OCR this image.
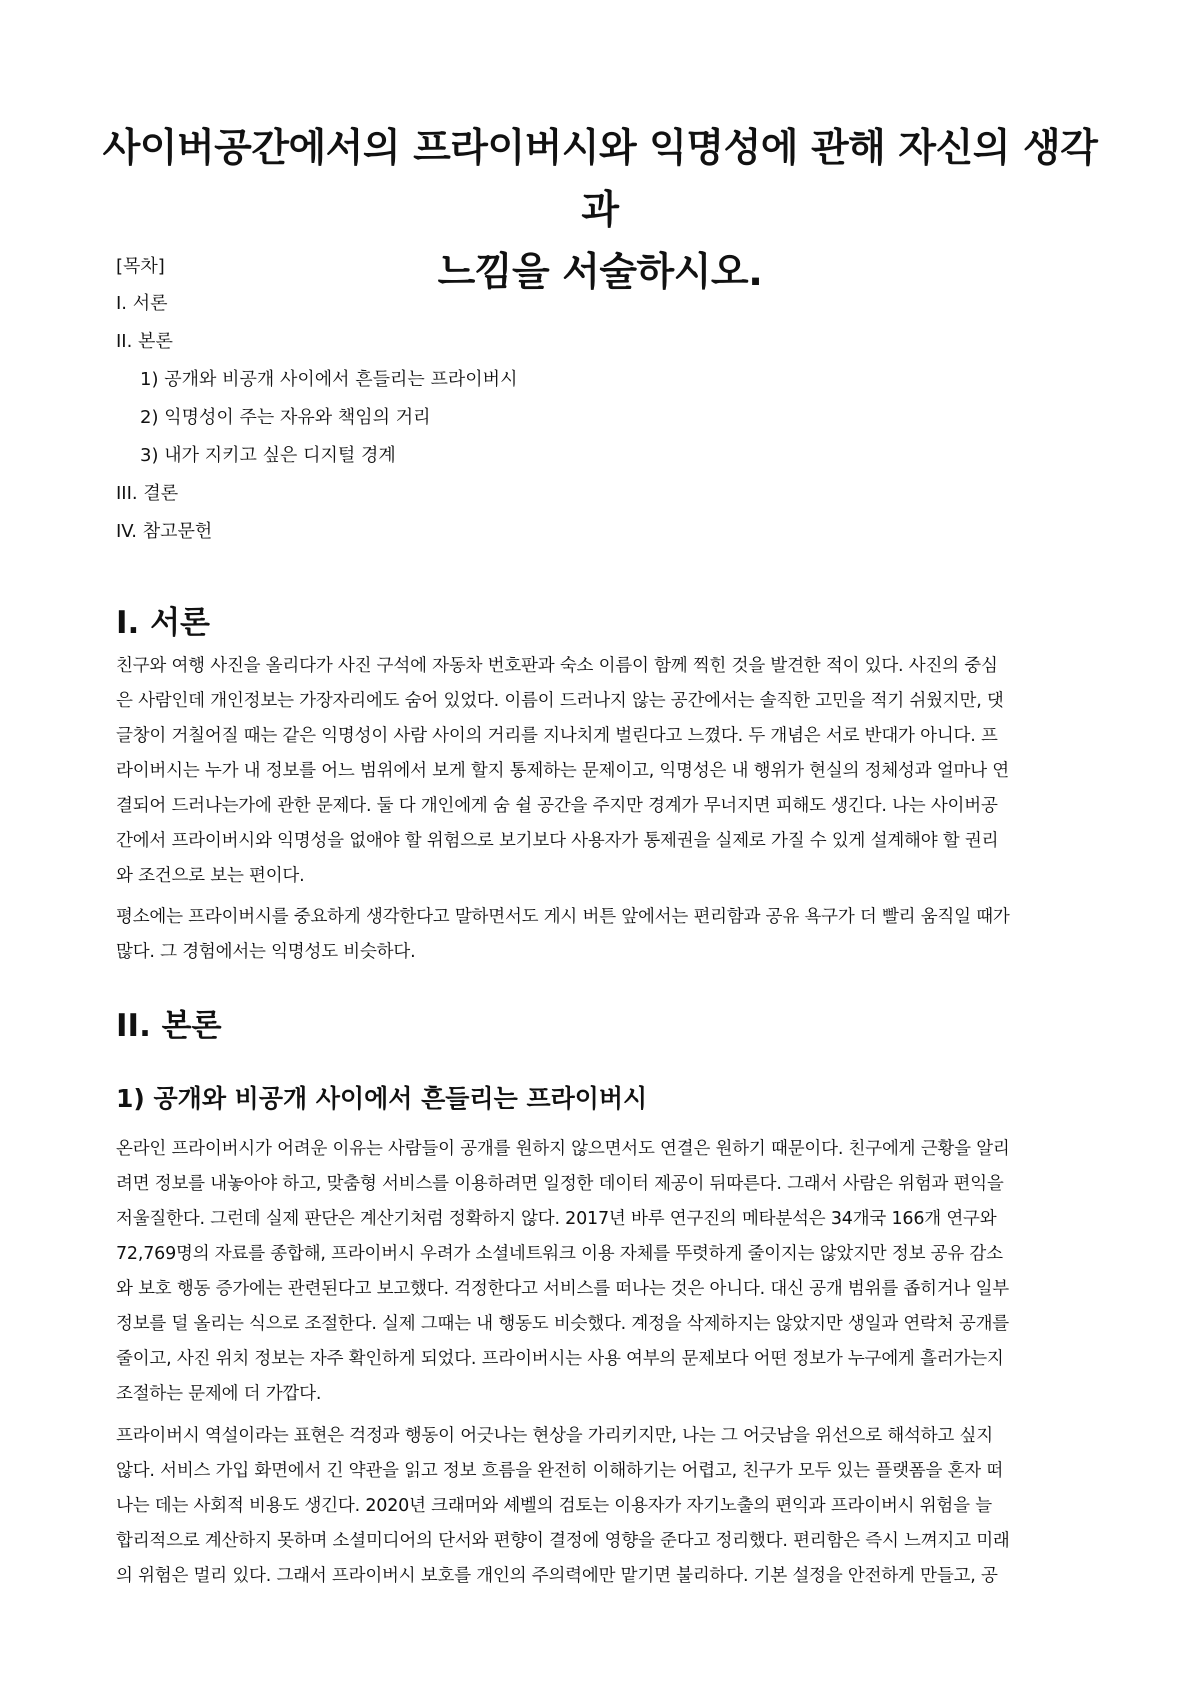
사이버공간에서의 프라이버시와 익명성에 관해 자신의 생각과
느낌을 서술하시오.
[목차]
I. 서론
II. 본론
1) 공개와 비공개 사이에서 흔들리는 프라이버시
2) 익명성이 주는 자유와 책임의 거리
3) 내가 지키고 싶은 디지털 경계
III. 결론
IV. 참고문헌
I. 서론
친구와 여행 사진을 올리다가 사진 구석에 자동차 번호판과 숙소 이름이 함께 찍힌 것을 발견한 적이 있다. 사진의 중심
은 사람인데 개인정보는 가장자리에도 숨어 있었다. 이름이 드러나지 않는 공간에서는 솔직한 고민을 적기 쉬웠지만, 댓
글창이 거칠어질 때는 같은 익명성이 사람 사이의 거리를 지나치게 벌린다고 느꼈다. 두 개념은 서로 반대가 아니다. 프
라이버시는 누가 내 정보를 어느 범위에서 보게 할지 통제하는 문제이고, 익명성은 내 행위가 현실의 정체성과 얼마나 연
결되어 드러나는가에 관한 문제다. 둘 다 개인에게 숨 쉴 공간을 주지만 경계가 무너지면 피해도 생긴다. 나는 사이버공
간에서 프라이버시와 익명성을 없애야 할 위험으로 보기보다 사용자가 통제권을 실제로 가질 수 있게 설계해야 할 권리
와 조건으로 보는 편이다.
평소에는 프라이버시를 중요하게 생각한다고 말하면서도 게시 버튼 앞에서는 편리함과 공유 욕구가 더 빨리 움직일 때가
많다. 그 경험에서는 익명성도 비슷하다.
II. 본론
1) 공개와 비공개 사이에서 흔들리는 프라이버시
온라인 프라이버시가 어려운 이유는 사람들이 공개를 원하지 않으면서도 연결은 원하기 때문이다. 친구에게 근황을 알리
려면 정보를 내놓아야 하고, 맞춤형 서비스를 이용하려면 일정한 데이터 제공이 뒤따른다. 그래서 사람은 위험과 편익을
저울질한다. 그런데 실제 판단은 계산기처럼 정확하지 않다. 2017년 바루 연구진의 메타분석은 34개국 166개 연구와
72,769명의 자료를 종합해, 프라이버시 우려가 소셜네트워크 이용 자체를 뚜렷하게 줄이지는 않았지만 정보 공유 감소
와 보호 행동 증가에는 관련된다고 보고했다. 걱정한다고 서비스를 떠나는 것은 아니다. 대신 공개 범위를 좁히거나 일부
정보를 덜 올리는 식으로 조절한다. 실제 그때는 내 행동도 비슷했다. 계정을 삭제하지는 않았지만 생일과 연락처 공개를
줄이고, 사진 위치 정보는 자주 확인하게 되었다. 프라이버시는 사용 여부의 문제보다 어떤 정보가 누구에게 흘러가는지
조절하는 문제에 더 가깝다.
프라이버시 역설이라는 표현은 걱정과 행동이 어긋나는 현상을 가리키지만, 나는 그 어긋남을 위선으로 해석하고 싶지
않다. 서비스 가입 화면에서 긴 약관을 읽고 정보 흐름을 완전히 이해하기는 어렵고, 친구가 모두 있는 플랫폼을 혼자 떠
나는 데는 사회적 비용도 생긴다. 2020년 크래머와 셰벨의 검토는 이용자가 자기노출의 편익과 프라이버시 위험을 늘
합리적으로 계산하지 못하며 소셜미디어의 단서와 편향이 결정에 영향을 준다고 정리했다. 편리함은 즉시 느껴지고 미래
의 위험은 멀리 있다. 그래서 프라이버시 보호를 개인의 주의력에만 맡기면 불리하다. 기본 설정을 안전하게 만들고, 공
